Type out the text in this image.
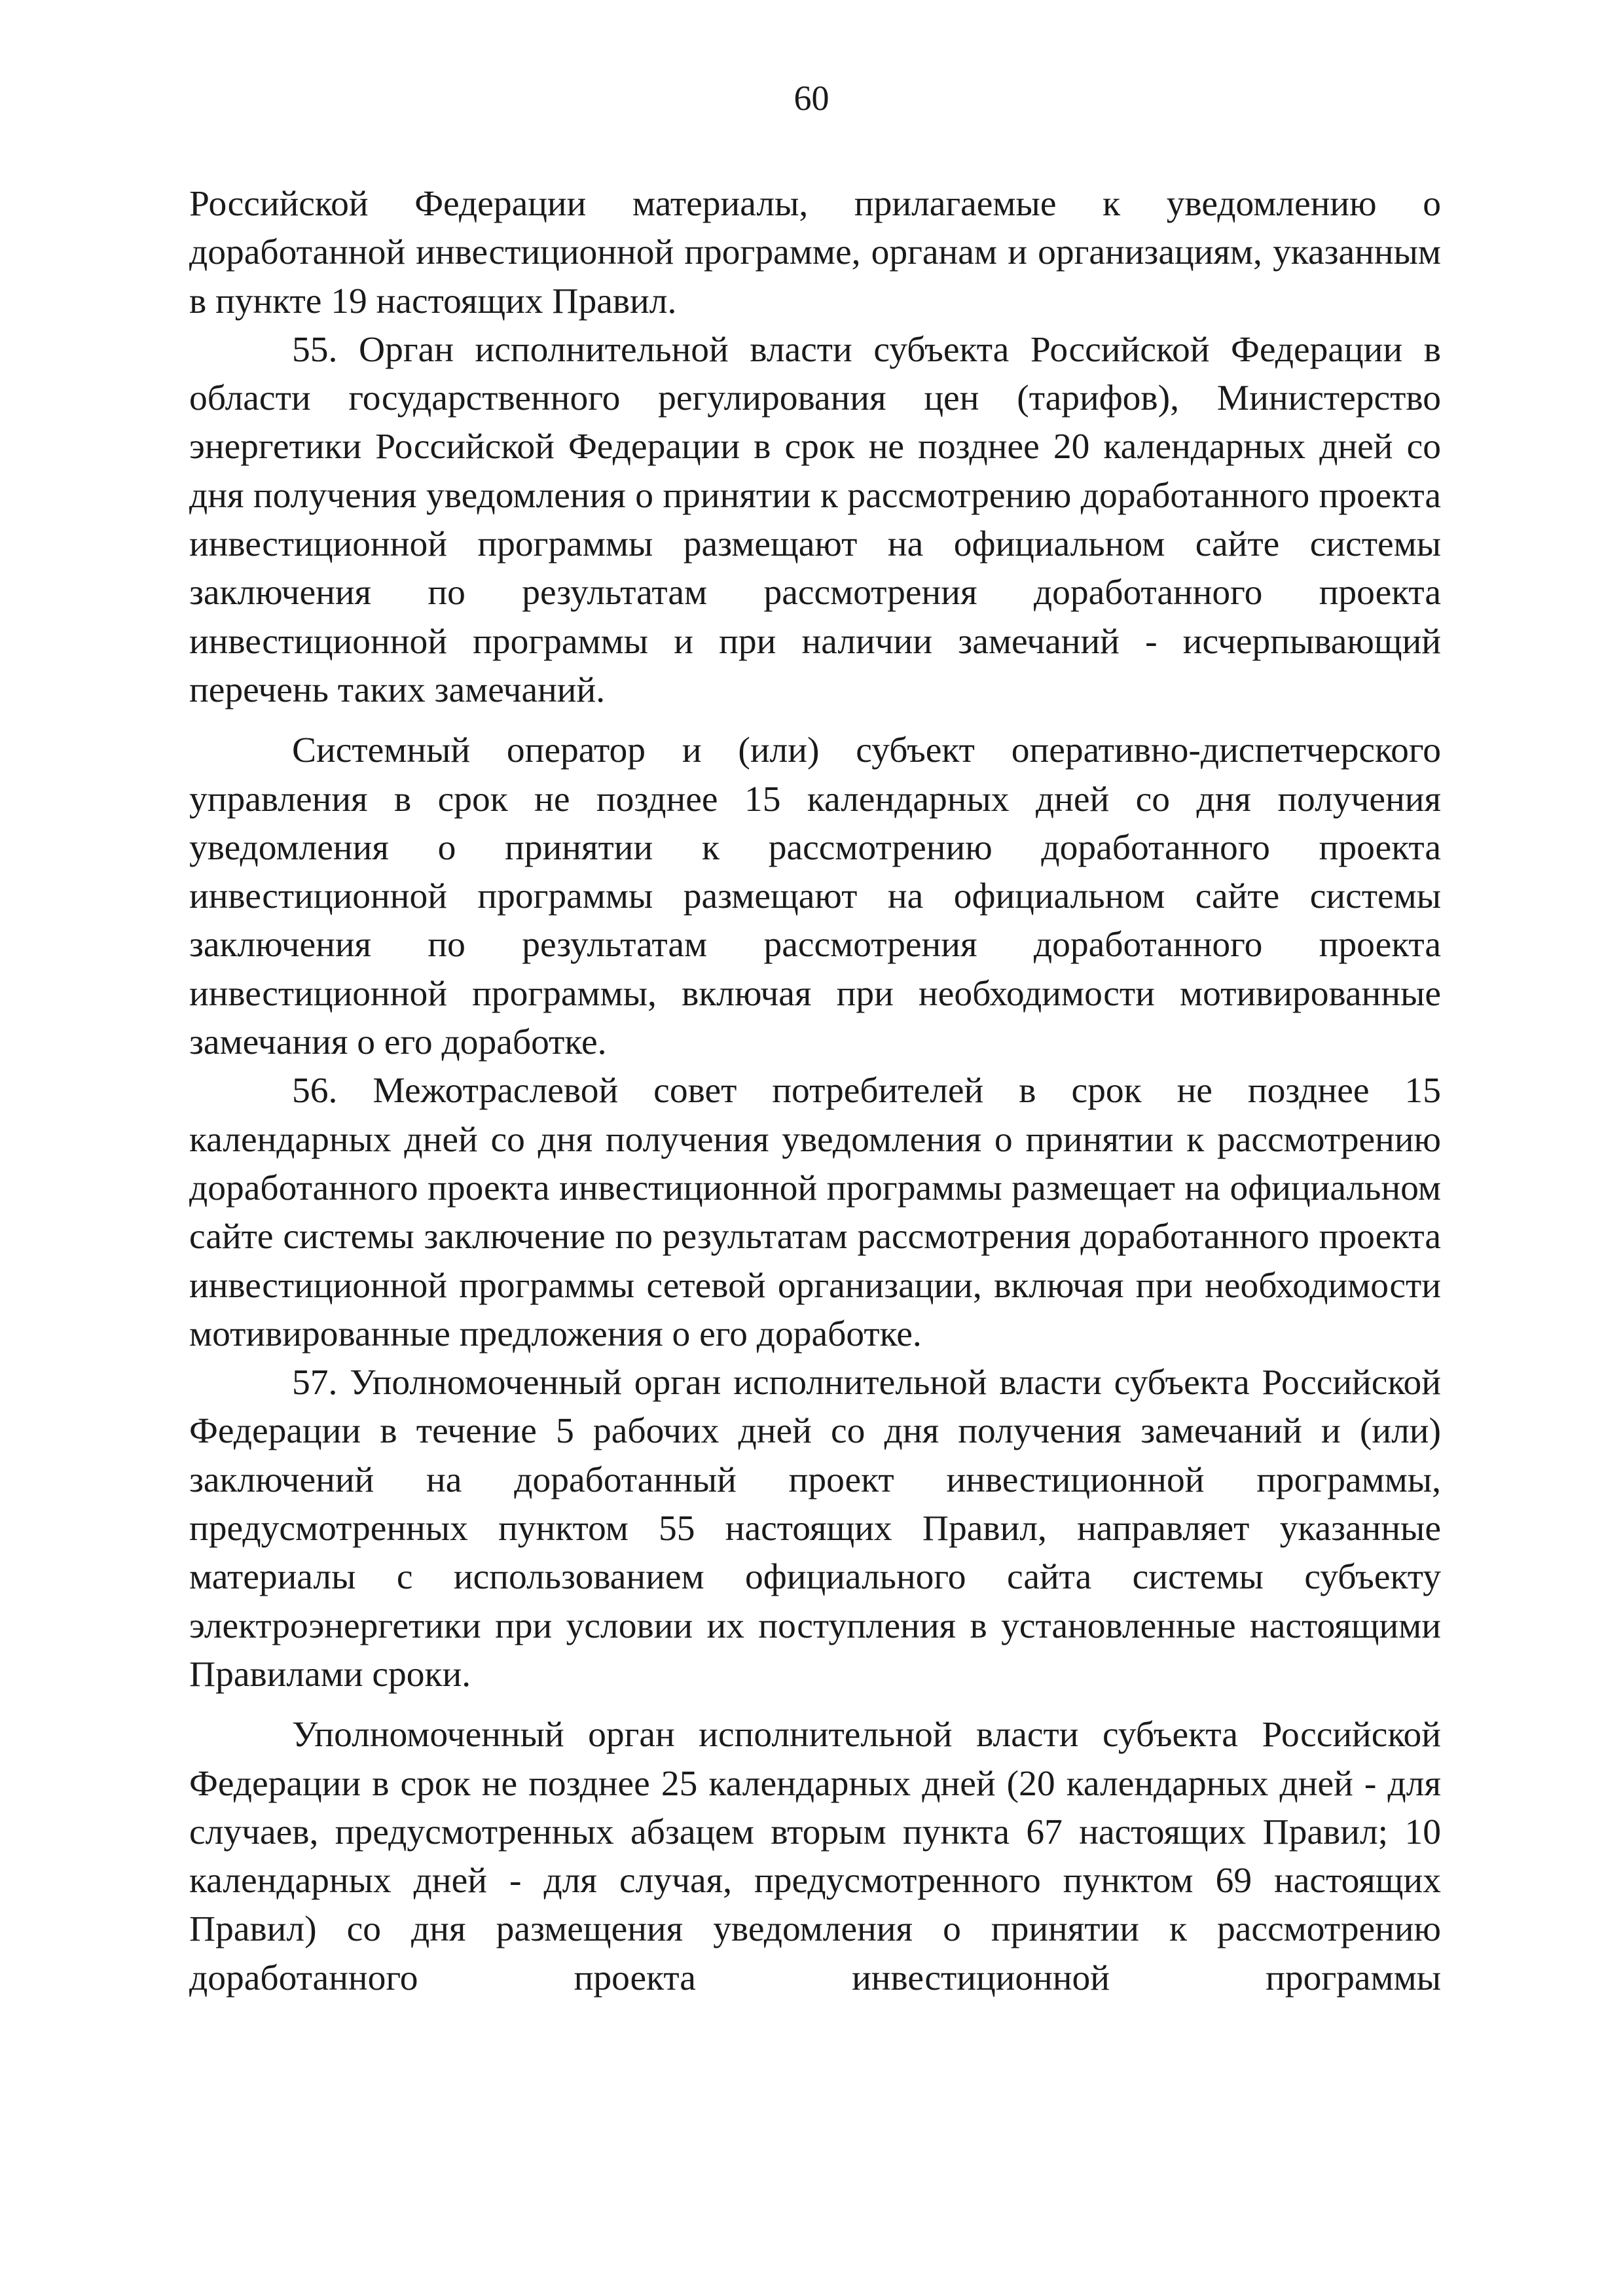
60

Российской Федерации материалы, прилагаемые к уведомлению о доработанной инвестиционной программе, органам и организациям, указанным в пункте 19 настоящих Правил.

55. Орган исполнительной власти субъекта Российской Федерации в области государственного регулирования цен (тарифов), Министерство энергетики Российской Федерации в срок не позднее 20 календарных дней со дня получения уведомления о принятии к рассмотрению доработанного проекта инвестиционной программы размещают на официальном сайте системы заключения по результатам рассмотрения доработанного проекта инвестиционной программы и при наличии замечаний - исчерпывающий перечень таких замечаний.

Системный оператор и (или) субъект оперативно-диспетчерского управления в срок не позднее 15 календарных дней со дня получения уведомления о принятии к рассмотрению доработанного проекта инвестиционной программы размещают на официальном сайте системы заключения по результатам рассмотрения доработанного проекта инвестиционной программы, включая при необходимости мотивированные замечания о его доработке.

56. Межотраслевой совет потребителей в срок не позднее 15 календарных дней со дня получения уведомления о принятии к рассмотрению доработанного проекта инвестиционной программы размещает на официальном сайте системы заключение по результатам рассмотрения доработанного проекта инвестиционной программы сетевой организации, включая при необходимости мотивированные предложения о его доработке.

57. Уполномоченный орган исполнительной власти субъекта Российской Федерации в течение 5 рабочих дней со дня получения замечаний и (или) заключений на доработанный проект инвестиционной программы, предусмотренных пунктом 55 настоящих Правил, направляет указанные материалы с использованием официального сайта системы субъекту электроэнергетики при условии их поступления в установленные настоящими Правилами сроки.

Уполномоченный орган исполнительной власти субъекта Российской Федерации в срок не позднее 25 календарных дней (20 календарных дней - для случаев, предусмотренных абзацем вторым пункта 67 настоящих Правил; 10 календарных дней - для случая, предусмотренного пунктом 69 настоящих Правил) со дня размещения уведомления о принятии к рассмотрению доработанного проекта инвестиционной программы
